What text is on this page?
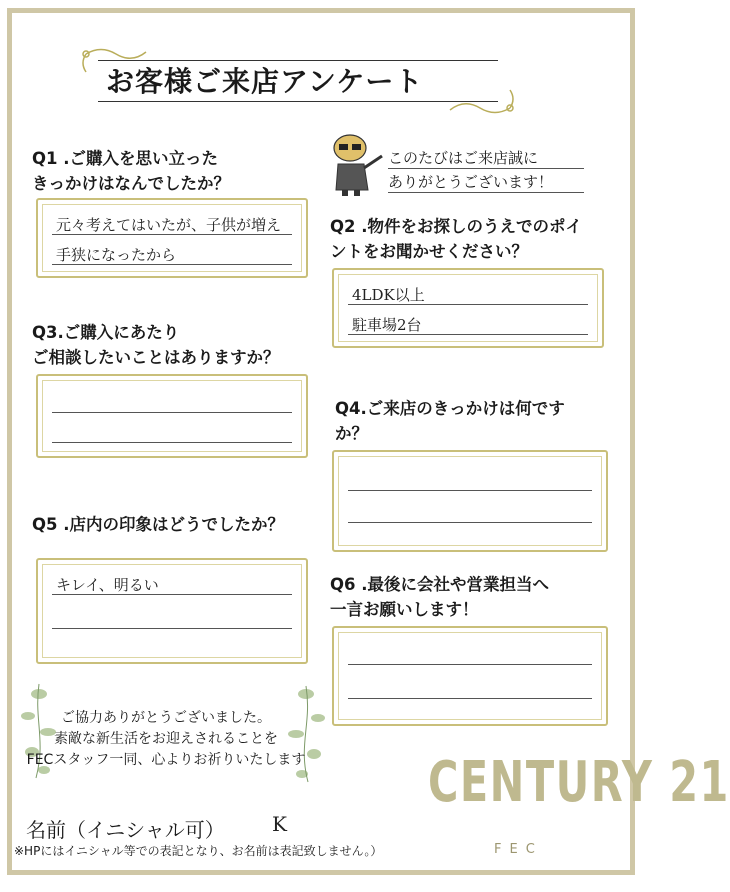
お客様ご来店アンケート
Q1 .ご購入を思い立った
きっかけはなんでしたか？
元々考えてはいたが、子供が増え
手狭になったから
このたびはご来店誠に
ありがとうございます！
Q2 .物件をお探しのうえでのポイ
ントをお聞かせください？
4LDK以上
駐車場2台
Q3.ご購入にあたり
ご相談したいことはありますか？
Q4.ご来店のきっかけは何です
か？
Q5 .店内の印象はどうでしたか？
キレイ、明るい	Q6 .最後に会社や営業担当へ
一言お願いします！
ご協力ありがとうございました。
素敵な新生活をお迎えされることを
FECスタッフ一同、心よりお祈りいたします CENTURY 21
FEC
名前（イニシャル可） K
※HPにはイニシャル等での表記となり、お名前は表記致しません。）
